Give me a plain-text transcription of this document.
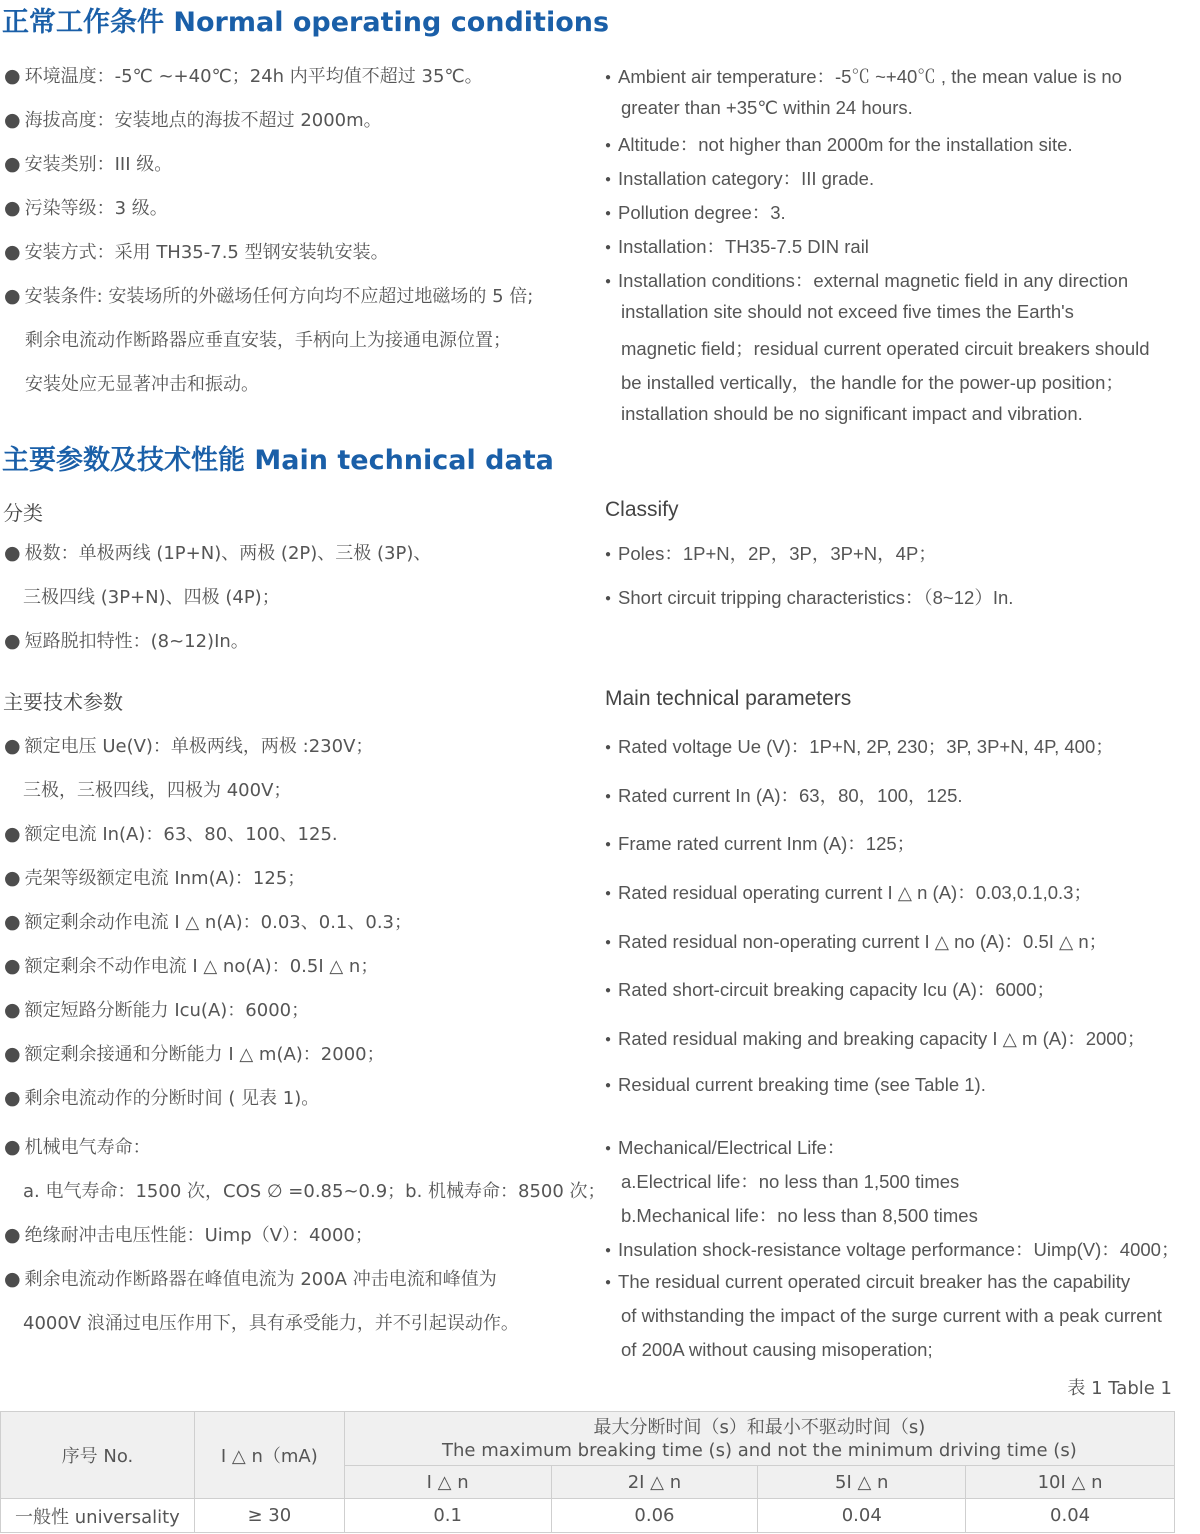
正常工作条件 Normal operating conditions
● 环境温度：-5℃ ~+40℃；24h 内平均值不超过 35℃。
● 海拔高度：安装地点的海拔不超过 2000m。
● 安装类别：III 级。
● 污染等级：3 级。
● 安装方式：采用 TH35-7.5 型钢安装轨安装。
● 安装条件: 安装场所的外磁场任何方向均不应超过地磁场的 5 倍;
剩余电流动作断路器应垂直安装，手柄向上为接通电源位置；
安装处应无显著冲击和振动。
● Ambient air temperature：-5℃ ~+40℃ , the mean value is no
greater than +35℃ within 24 hours.
● Altitude：not higher than 2000m for the installation site.
● Installation category：III grade.
● Pollution degree：3.
● Installation：TH35-7.5 DIN rail
● Installation conditions：external magnetic field in any direction
installation site should not exceed five times the Earth's
magnetic field；residual current operated circuit breakers should
be installed vertically，the handle for the power-up position；
installation should be no significant impact and vibration.
主要参数及技术性能 Main technical data
分类	Classify
● 极数：单极两线 (1P+N)、两极 (2P)、三极 (3P)、
三极四线 (3P+N)、四极 (4P)；
● 短路脱扣特性：(8~12)In。
● Poles：1P+N，2P，3P，3P+N，4P；
● Short circuit tripping characteristics：（8~12）In.
主要技术参数	Main technical parameters
● 额定电压 Ue(V)：单极两线，两极 :230V；
三极，三极四线，四极为 400V；
● 额定电流 In(A)：63、80、100、125.
● 壳架等级额定电流 Inm(A)：125；
● 额定剩余动作电流 I △ n(A)：0.03、0.1、0.3；
● 额定剩余不动作电流 I △ no(A)：0.5I △ n；
● 额定短路分断能力 Icu(A)：6000；
● 额定剩余接通和分断能力 I △ m(A)：2000；
● 剩余电流动作的分断时间 ( 见表 1)。
● 机械电气寿命：
a. 电气寿命：1500 次，COS ∅ =0.85~0.9；b. 机械寿命：8500 次；
● 绝缘耐冲击电压性能：Uimp（V）：4000；
● 剩余电流动作断路器在峰值电流为 200A 冲击电流和峰值为
4000V 浪涌过电压作用下，具有承受能力，并不引起误动作。
● Rated voltage Ue (V)：1P+N, 2P, 230；3P, 3P+N, 4P, 400；
● Rated current In (A)：63，80，100，125.
● Frame rated current Inm (A)：125；
● Rated residual operating current I △ n (A)：0.03,0.1,0.3；
● Rated residual non-operating current I △ no (A)：0.5I △ n；
● Rated short-circuit breaking capacity Icu (A)：6000；
● Rated residual making and breaking capacity I △ m (A)：2000；
● Residual current breaking time (see Table 1).
● Mechanical/Electrical Life：
a.Electrical life：no less than 1,500 times
b.Mechanical life：no less than 8,500 times
● Insulation shock-resistance voltage performance：Uimp(V)：4000；
● The residual current operated circuit breaker has the capability
of withstanding the impact of the surge current with a peak current
of 200A without causing misoperation;
表 1 Table 1
序号 No.	I △ n（mA)	最大分断时间（s）和最小不驱动时间（s)
The maximum breaking time (s) and not the minimum driving time (s)			

		I △ n	2I △ n	5I △ n	10I △ n
一般性 universality	≥ 30	0.1	0.06	0.04	0.04
